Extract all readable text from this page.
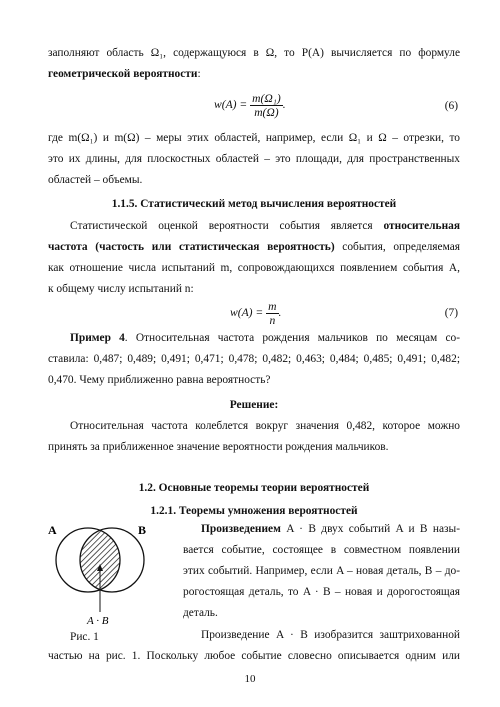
заполняют область Ω₁, содержащуюся в Ω, то P(A) вычисляется по формуле
геометрической вероятности:
$w(A) = \frac{\text{m(Ω₁)}}{m(\Omega)}$ .	(6)
где m(Ω₁) и m(Ω) – меры этих областей, например, если Ω₁ и Ω – отрезки, то
это их длины, для плоскостных областей – это площади, для пространственных
областей – объемы.
1.1.5. Статистический метод вычисления вероятностей
Статистической оценкой вероятности события является относительная
частота (частость или статистическая вероятность) события, определяемая
как отношение числа испытаний m, сопровождающихся появлением события A,
к общему числу испытаний n:
$w(A) = \frac{m}{n}$ .	(7)
Пример 4. Относительная частота рождения мальчиков по месяцам со-
ставила: 0,487; 0,489; 0,491; 0,471; 0,478; 0,482; 0,463; 0,484; 0,485; 0,491; 0,482;
0,470. Чему приближенно равна вероятность?
Решение:
Относительная частота колеблется вокруг значения 0,482, которое можно
принять за приближенное значение вероятности рождения мальчиков.
1.2. Основные теоремы теории вероятностей
1.2.1. Теоремы умножения вероятностей
A	B
A · B
Рис. 1
Произведением A · B двух событий A и B назы-
вается событие, состоящее в совместном появлении
этих событий. Например, если A – новая деталь, B – до-
рогостоящая деталь, то A · B – новая и дорогостоящая
деталь.
Произведение A · B изобразится заштрихованной
частью на рис. 1. Поскольку любое событие словесно описывается одним или
10
